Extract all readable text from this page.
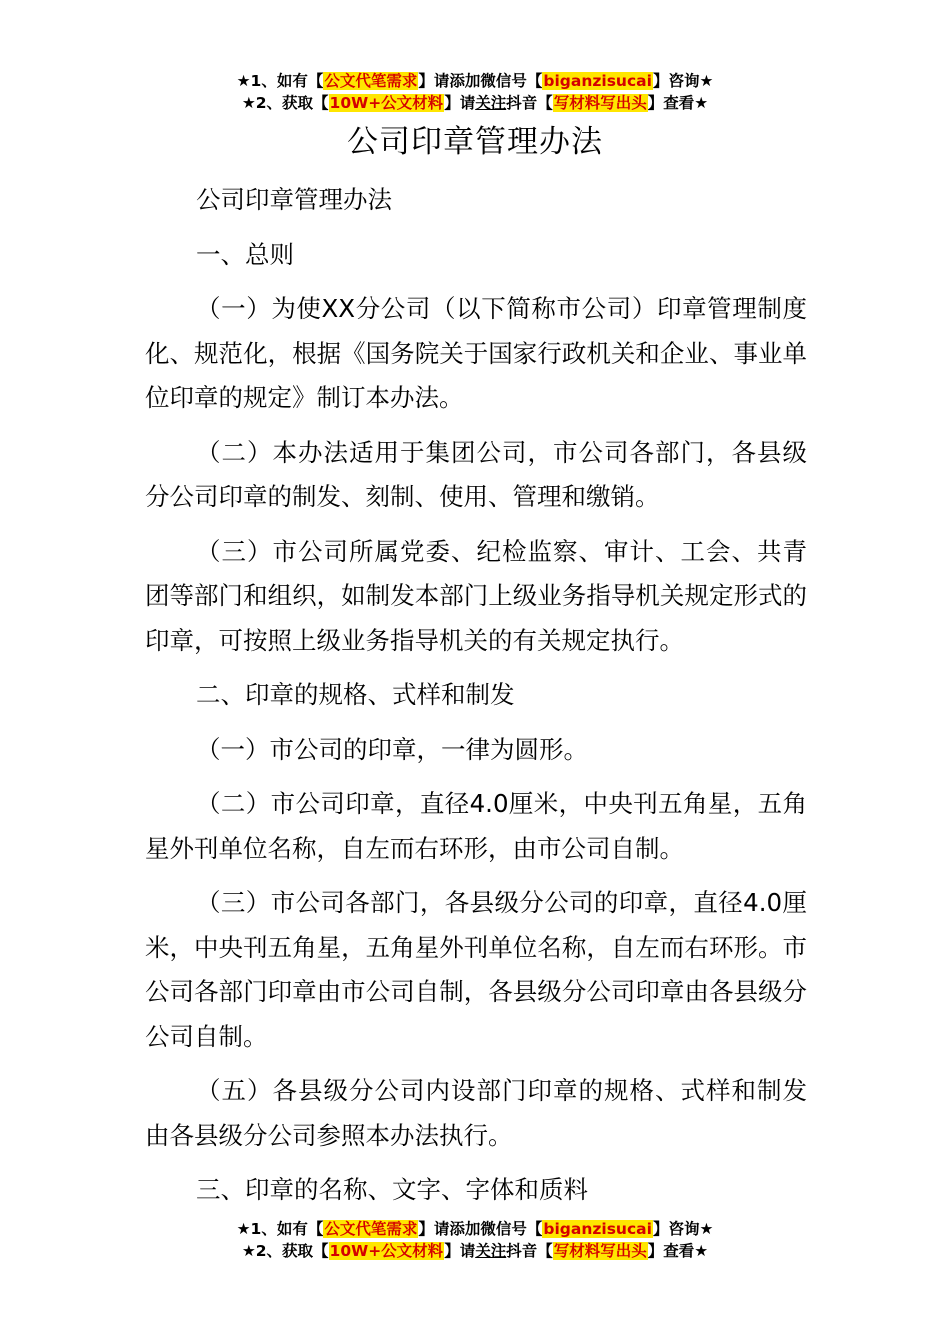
★1、如有【公文代笔需求】请添加微信号【biganzisucai】咨询★
★2、获取【10W+公文材料】请关注抖音【写材料写出头】查看★
公司印章管理办法

公司印章管理办法

一、总则

（一）为使XX分公司（以下简称市公司）印章管理制度化、规范化，根据《国务院关于国家行政机关和企业、事业单位印章的规定》制订本办法。

（二）本办法适用于集团公司，市公司各部门，各县级分公司印章的制发、刻制、使用、管理和缴销。

（三）市公司所属党委、纪检监察、审计、工会、共青团等部门和组织，如制发本部门上级业务指导机关规定形式的印章，可按照上级业务指导机关的有关规定执行。

二、印章的规格、式样和制发

（一）市公司的印章，一律为圆形。

（二）市公司印章，直径4.0厘米，中央刊五角星，五角星外刊单位名称，自左而右环形，由市公司自制。

（三）市公司各部门，各县级分公司的印章，直径4.0厘米，中央刊五角星，五角星外刊单位名称，自左而右环形。市公司各部门印章由市公司自制，各县级分公司印章由各县级分公司自制。

（五）各县级分公司内设部门印章的规格、式样和制发由各县级分公司参照本办法执行。

三、印章的名称、文字、字体和质料

★1、如有【公文代笔需求】请添加微信号【biganzisucai】咨询★
★2、获取【10W+公文材料】请关注抖音【写材料写出头】查看★
